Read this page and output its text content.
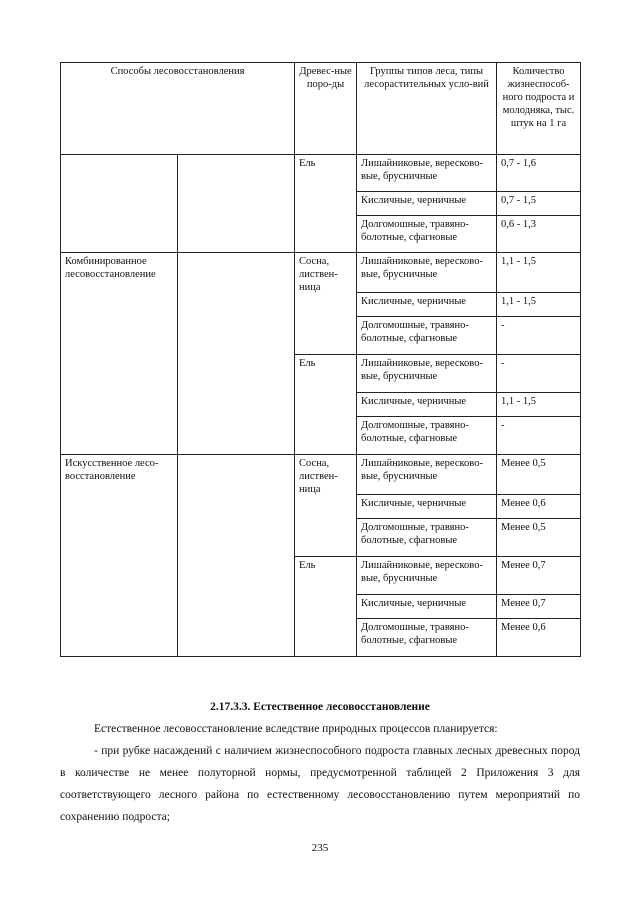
Способы лесовосстановления		Древес-ные поро-ды	Группы типов леса, типы лесорастительных усло-вий	Количество жизнеспособ-ного подроста и молодняка, тыс. штук на 1 га
		Ель	Лишайниковые, вересково-вые, брусничные	0,7 - 1,6
			Кисличные, черничные	0,7 - 1,5
			Долгомошные, травяно-болотные, сфагновые	0,6 - 1,3
Комбинированное лесовосстановление		Сосна, листвен-ница	Лишайниковые, вересково-вые, брусничные	1,1 - 1,5
			Кисличные, черничные	1,1 - 1,5
			Долгомошные, травяно-болотные, сфагновые	-
		Ель	Лишайниковые, вересково-вые, брусничные	-
			Кисличные, черничные	1,1 - 1,5
			Долгомошные, травяно-болотные, сфагновые	-
Искусственное лесо-восстановление		Сосна, листвен-ница	Лишайниковые, вересково-вые, брусничные	Менее 0,5
			Кисличные, черничные	Менее 0,6
			Долгомошные, травяно-болотные, сфагновые	Менее 0,5
		Ель	Лишайниковые, вересково-вые, брусничные	Менее 0,7
			Кисличные, черничные	Менее 0,7
			Долгомошные, травяно-болотные, сфагновые	Менее 0,6
2.17.3.3. Естественное лесовосстановление
Естественное лесовосстановление вследствие природных процессов планируется:
- при рубке насаждений с наличием жизнеспособного подроста главных лесных древесных пород в количестве не менее полуторной нормы, предусмотренной таблицей 2 Приложения 3 для соответствующего лесного района по естественному лесовосстановлению путем мероприятий по сохранению подроста;
235
